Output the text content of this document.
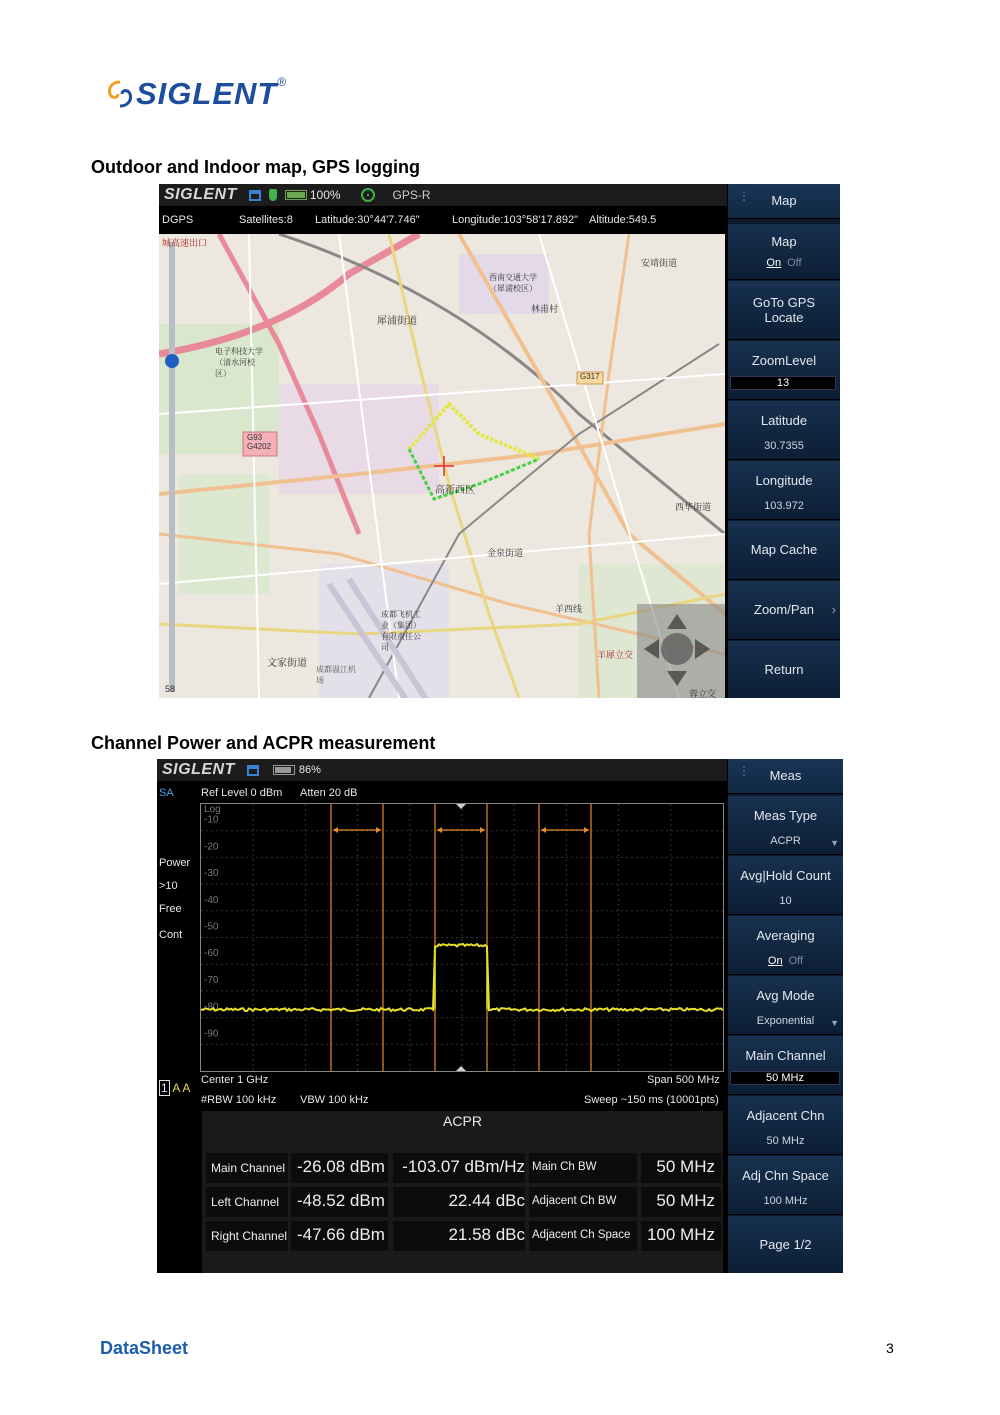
SIGLENT ®
Outdoor and Indoor map, GPS logging
SIGLENT	100%	GPS-R
DGPS	Satellites:8 Latitude:30°44'7.746"	Longitude:103°58'17.892" Altitude:549.5
城高速出口
安靖街道
西南交通大学（犀浦校区）
林甫村
犀浦街道
电子科技大学（清水河校区）	G317
G93 G4202
高新西区
西华街道
金泉街道
羊西线
成都飞机工业（集团）有限责任公司
文家街道
成都温江机场
羊犀立交
58	蓉立交
⋮ Map
Map
On Off
GoTo GPS Locate
ZoomLevel
13
Latitude
30.7355
Longitude
103.972
Map Cache
Zoom/Pan ›
Return
Channel Power and ACPR measurement
SIGLENT	86%
SA Ref Level 0 dBm Atten 20 dB
Power
>10
Free
Cont
-10
-20
-30
-40
-50
-60
-70
-80
-90
Log
1 A A
Center 1 GHz	Span 500 MHz
#RBW 100 kHz VBW 100 kHz	Sweep ~150 ms (10001pts)
ACPR
Main Channel -26.08 dBm	-103.07 dBm/Hz Main Ch BW	50 MHz
Left Channel -48.52 dBm	22.44 dBc Adjacent Ch BW	50 MHz
Right Channel -47.66 dBm	21.58 dBc Adjacent Ch Space 100 MHz
⋮ Meas
Meas Type
ACPR	▼
Avg|Hold Count
10
Averaging
On Off
Avg Mode
Exponential	▼
Main Channel
50 MHz
Adjacent Chn
50 MHz
Adj Chn Space
100 MHz
Page 1/2
DataSheet	3
